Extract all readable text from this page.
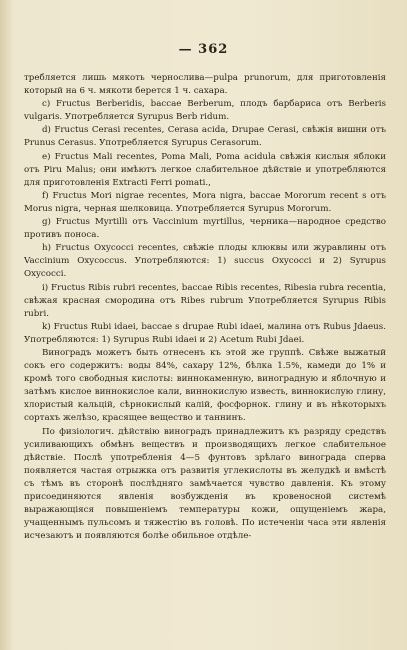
— 362

требляется лишь мякоть чернослива—pulpa prunorum, для приготовленія который на 6 ч. мякоти берется 1 ч. сахара.

c) Fructus Berberidis, baccae Berberum, плодъ барбариса отъ Berberis vulgaris. Употребляется Syrupus Berb ridum.

d) Fructus Cerasi recentes, Cerasa acida, Drupae Cerasi, свѣжія вишни отъ Prunus Cerasus. Употребляется Syrupus Cerasorum.

e) Fructus Mali recentes, Poma Mali, Poma acidula свѣжія кислыя яблоки отъ Piru Malus; они имѣютъ легкое слабительное дѣйствіе и употребляются для приготовленія Extracti Ferri pomati.,

f) Fructus Mori nigrae recentes, Mora nigra, baccae Mororum recent s отъ Morus nigra, черная шелковица. Употребляется Syrupus Mororum.

g) Fructus Myrtilli отъ Vaccinium myrtillus, черника—народное средство противъ поноса.

h) Fructus Oxycocci recentes, свѣжіе плоды клюквы или журавлины отъ Vaccinium Oxycoccus. Употребляются: 1) succus Oxycocci и 2) Syrupus Oxycocci.

i) Fructus Ribis rubri recentes, baccae Ribis recentes, Ribesia rubra recentia, свѣжая красная смородина отъ Ribes rubrum Употребляется Syrupus Ribis rubri.

k) Fructus Rubi idaei, baccae s drupae Rubi idaei, малина отъ Rubus Jdaeus. Употребляются: 1) Syrupus Rubi idaei и 2) Acetum Rubi Jdaei.

Виноградъ можетъ быть отнесенъ къ этой же группѣ. Свѣже выжатый сокъ его содержитъ: воды 84%, сахару 12%, бѣлка 1.5%, камеди до 1% и кромѣ того свободныя кислоты: виннокаменную, виноградную и яблочную и затѣмъ кислое виннокислое кали, виннокислую известь, виннокислую глину, хлористый кальцій, сѣрнокислый калій, фосфорнок. глину и въ нѣкоторыхъ сортахъ желѣзо, красящее вещество и таннинъ.

По физіологич. дѣйствію виноградъ принадлежитъ къ разряду средствъ усиливающихъ обмѣнъ веществъ и производящихъ легкое слабительное дѣйствіе. Послѣ употребленія 4—5 фунтовъ зрѣлаго винограда сперва появляется частая отрыжка отъ развитія углекислоты въ желудкѣ и вмѣстѣ съ тѣмъ въ сторонѣ послѣдняго замѣчается чувство давленія. Къ этому присоединяются явленія возбужденія въ кровеносной системѣ выражающіяся повышеніемъ температуры кожи, ощущеніемъ жара, учащеннымъ пульсомъ и тяжестію въ головѣ. По истеченіи часа эти явленія исчезаютъ и появляются болѣе обильное отдѣле-
